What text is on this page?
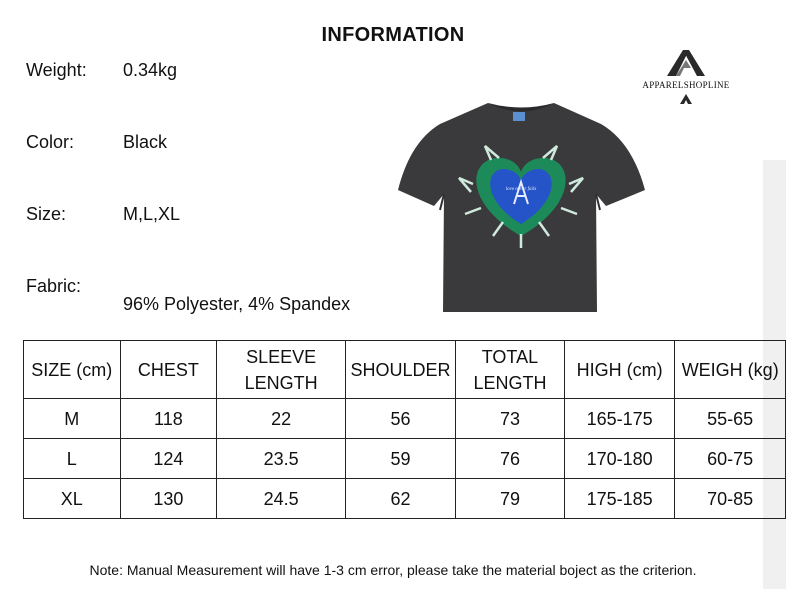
INFORMATION
Weight: 0.34kg
Color:	Black
Size:	M,L,XL
Fabric:
96% Polyester, 4% Spandex
APPARELSHOPLINE
love never fails
SIZE (cm)	CHEST	SLEEVE LENGTH	SHOULDER	TOTAL LENGTH	HIGH (cm)	WEIGH (kg)
M	118	22	56	73	165-175	55-65
L	124	23.5	59	76	170-180	60-75
XL	130	24.5	62	79	175-185	70-85
Note: Manual Measurement will have 1-3 cm error, please take the material boject as the criterion.
